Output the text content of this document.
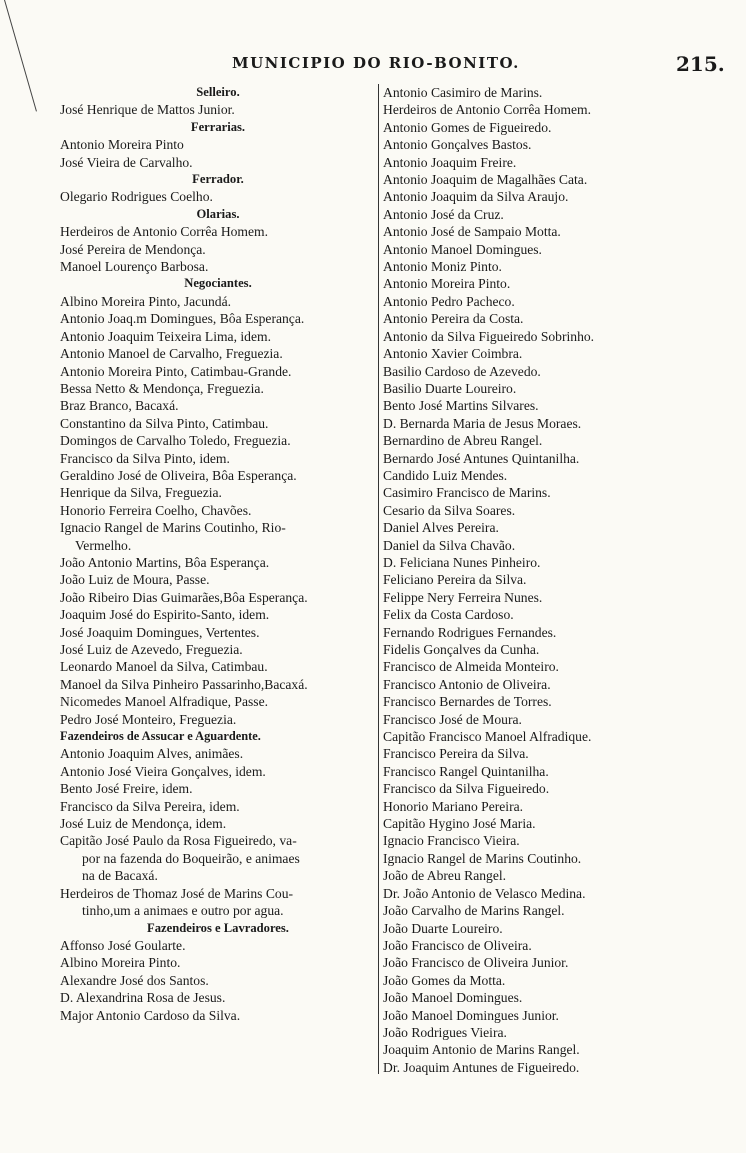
MUNICIPIO DO RIO-BONITO.	215.
Selleiro.
José Henrique de Mattos Junior.
Ferrarias.
Antonio Moreira Pinto
José Vieira de Carvalho.
Ferrador.
Olegario Rodrigues Coelho.
Olarias.
Herdeiros de Antonio Corrêa Homem.
José Pereira de Mendonça.
Manoel Lourenço Barbosa.
Negociantes.
Albino Moreira Pinto, Jacundá.
Antonio Joaq.m Domingues, Bôa Esperança.
Antonio Joaquim Teixeira Lima, idem.
Antonio Manoel de Carvalho, Freguezia.
Antonio Moreira Pinto, Catimbau-Grande.
Bessa Netto & Mendonça, Freguezia.
Braz Branco, Bacaxá.
Constantino da Silva Pinto, Catimbau.
Domingos de Carvalho Toledo, Freguezia.
Francisco da Silva Pinto, idem.
Geraldino José de Oliveira, Bôa Esperança.
Henrique da Silva, Freguezia.
Honorio Ferreira Coelho, Chavões.
Ignacio Rangel de Marins Coutinho, Rio-
Vermelho.
João Antonio Martins, Bôa Esperança.
João Luiz de Moura, Passe.
João Ribeiro Dias Guimarães,Bôa Esperança.
Joaquim José do Espirito-Santo, idem.
José Joaquim Domingues, Vertentes.
José Luiz de Azevedo, Freguezia.
Leonardo Manoel da Silva, Catimbau.
Manoel da Silva Pinheiro Passarinho,Bacaxá.
Nicomedes Manoel Alfradique, Passe.
Pedro José Monteiro, Freguezia.
Fazendeiros de Assucar e Aguardente.
Antonio Joaquim Alves, animães.
Antonio José Vieira Gonçalves, idem.
Bento José Freire, idem.
Francisco da Silva Pereira, idem.
José Luiz de Mendonça, idem.
Capitão José Paulo da Rosa Figueiredo, va-
por na fazenda do Boqueirão, e animaes
na de Bacaxá.
Herdeiros de Thomaz José de Marins Cou-
tinho,um a animaes e outro por agua.
Fazendeiros e Lavradores.
Affonso José Goularte.
Albino Moreira Pinto.
Alexandre José dos Santos.
D. Alexandrina Rosa de Jesus.
Major Antonio Cardoso da Silva.
Antonio Casimiro de Marins.
Herdeiros de Antonio Corrêa Homem.
Antonio Gomes de Figueiredo.
Antonio Gonçalves Bastos.
Antonio Joaquim Freire.
Antonio Joaquim de Magalhães Cata.
Antonio Joaquim da Silva Araujo.
Antonio José da Cruz.
Antonio José de Sampaio Motta.
Antonio Manoel Domingues.
Antonio Moniz Pinto.
Antonio Moreira Pinto.
Antonio Pedro Pacheco.
Antonio Pereira da Costa.
Antonio da Silva Figueiredo Sobrinho.
Antonio Xavier Coimbra.
Basilio Cardoso de Azevedo.
Basilio Duarte Loureiro.
Bento José Martins Silvares.
D. Bernarda Maria de Jesus Moraes.
Bernardino de Abreu Rangel.
Bernardo José Antunes Quintanilha.
Candido Luiz Mendes.
Casimiro Francisco de Marins.
Cesario da Silva Soares.
Daniel Alves Pereira.
Daniel da Silva Chavão.
D. Feliciana Nunes Pinheiro.
Feliciano Pereira da Silva.
Felippe Nery Ferreira Nunes.
Felix da Costa Cardoso.
Fernando Rodrigues Fernandes.
Fidelis Gonçalves da Cunha.
Francisco de Almeida Monteiro.
Francisco Antonio de Oliveira.
Francisco Bernardes de Torres.
Francisco José de Moura.
Capitão Francisco Manoel Alfradique.
Francisco Pereira da Silva.
Francisco Rangel Quintanilha.
Francisco da Silva Figueiredo.
Honorio Mariano Pereira.
Capitão Hygino José Maria.
Ignacio Francisco Vieira.
Ignacio Rangel de Marins Coutinho.
João de Abreu Rangel.
Dr. João Antonio de Velasco Medina.
João Carvalho de Marins Rangel.
João Duarte Loureiro.
João Francisco de Oliveira.
João Francisco de Oliveira Junior.
João Gomes da Motta.
João Manoel Domingues.
João Manoel Domingues Junior.
João Rodrigues Vieira.
Joaquim Antonio de Marins Rangel.
Dr. Joaquim Antunes de Figueiredo.
